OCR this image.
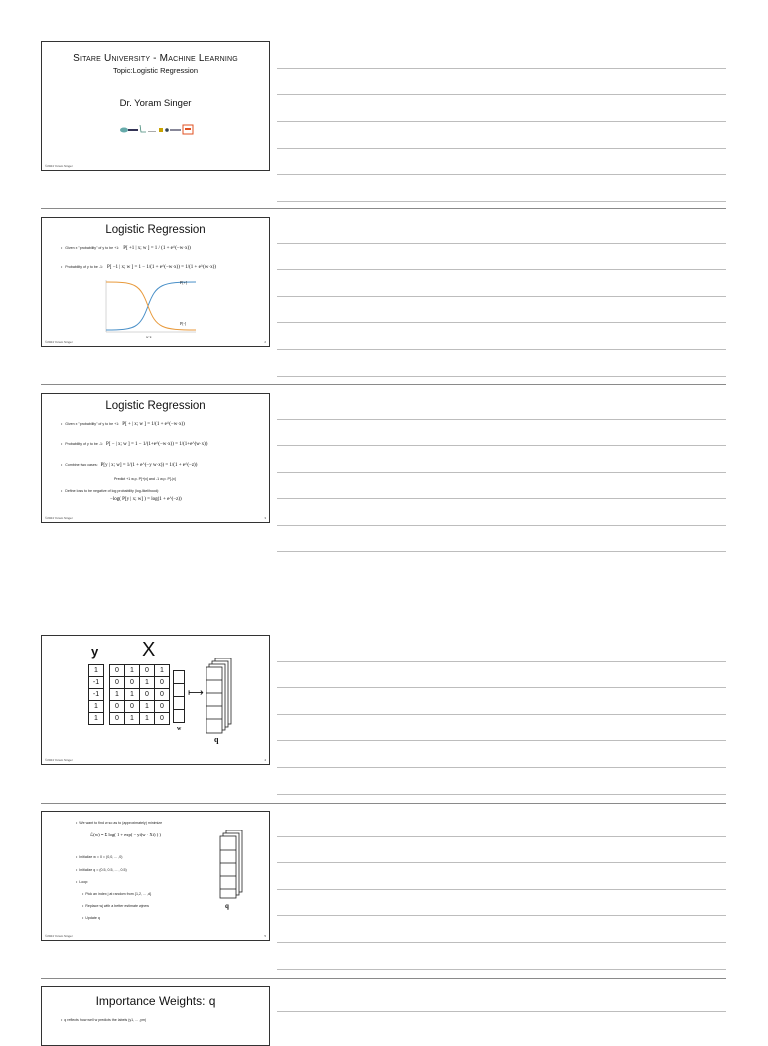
Sitare University - Machine Learning
Topic:Logistic Regression
Dr. Yoram Singer
©2024 Yoram Singer
Logistic Regression
• Given x "probability" of y to be +1: P[ +1 | x; w ] = 1 / (1 + e^(−w·x))
• Probability of y to be -1: P[ −1 | x; w ] = 1 − 1/(1 + e^(−w·x)) = 1/(1 + e^(w·x))
P[+]
P[-]
w·x
©2024 Yoram Singer	2
Logistic Regression
• Given x "probability" of y to be +1: P[ + | x; w ] = 1/(1 + e^(−w·x))
• Probability of y to be -1: P[ − | x; w ] = 1 − 1/(1+e^(−w·x)) = 1/(1+e^(w·x))
• Combine two cases: P[y | x; w] = 1/(1 + e^(−y w·x)) = 1/(1 + e^(−z))
Predict +1 w.p. P[+|x] and -1 w.p. P[-|x]
• Define loss to be negative of log probability (log-likelihood):
−log( P[y | x; w] ) = log(1 + e^(−z))
©2024 Yoram Singer	3
y X
1
-1
-1
1
1
0	1	0	1
0	0	1	0
1	1	0	0
0	0	1	0
0	1	1	0
w
⟼
q
©2024 Yoram Singer	4
• We want to find w so as to (approximately) minimize
ℒ(w) = Σ log( 1 + exp( − yi(w · Xi) ) )
• Initialize w = 0 = (0,0, ... ,0)
• Initialize q = (0.5, 0.5, ... , 0.5)
• Loop:
• Pick an index j at random from {1,2, ... ,d}
• Replace wj with a better estimate wjnew
• Update q
q
©2024 Yoram Singer	5
Importance Weights: q
• q reflects how well w predicts the labels (y1, ... ,ym)
